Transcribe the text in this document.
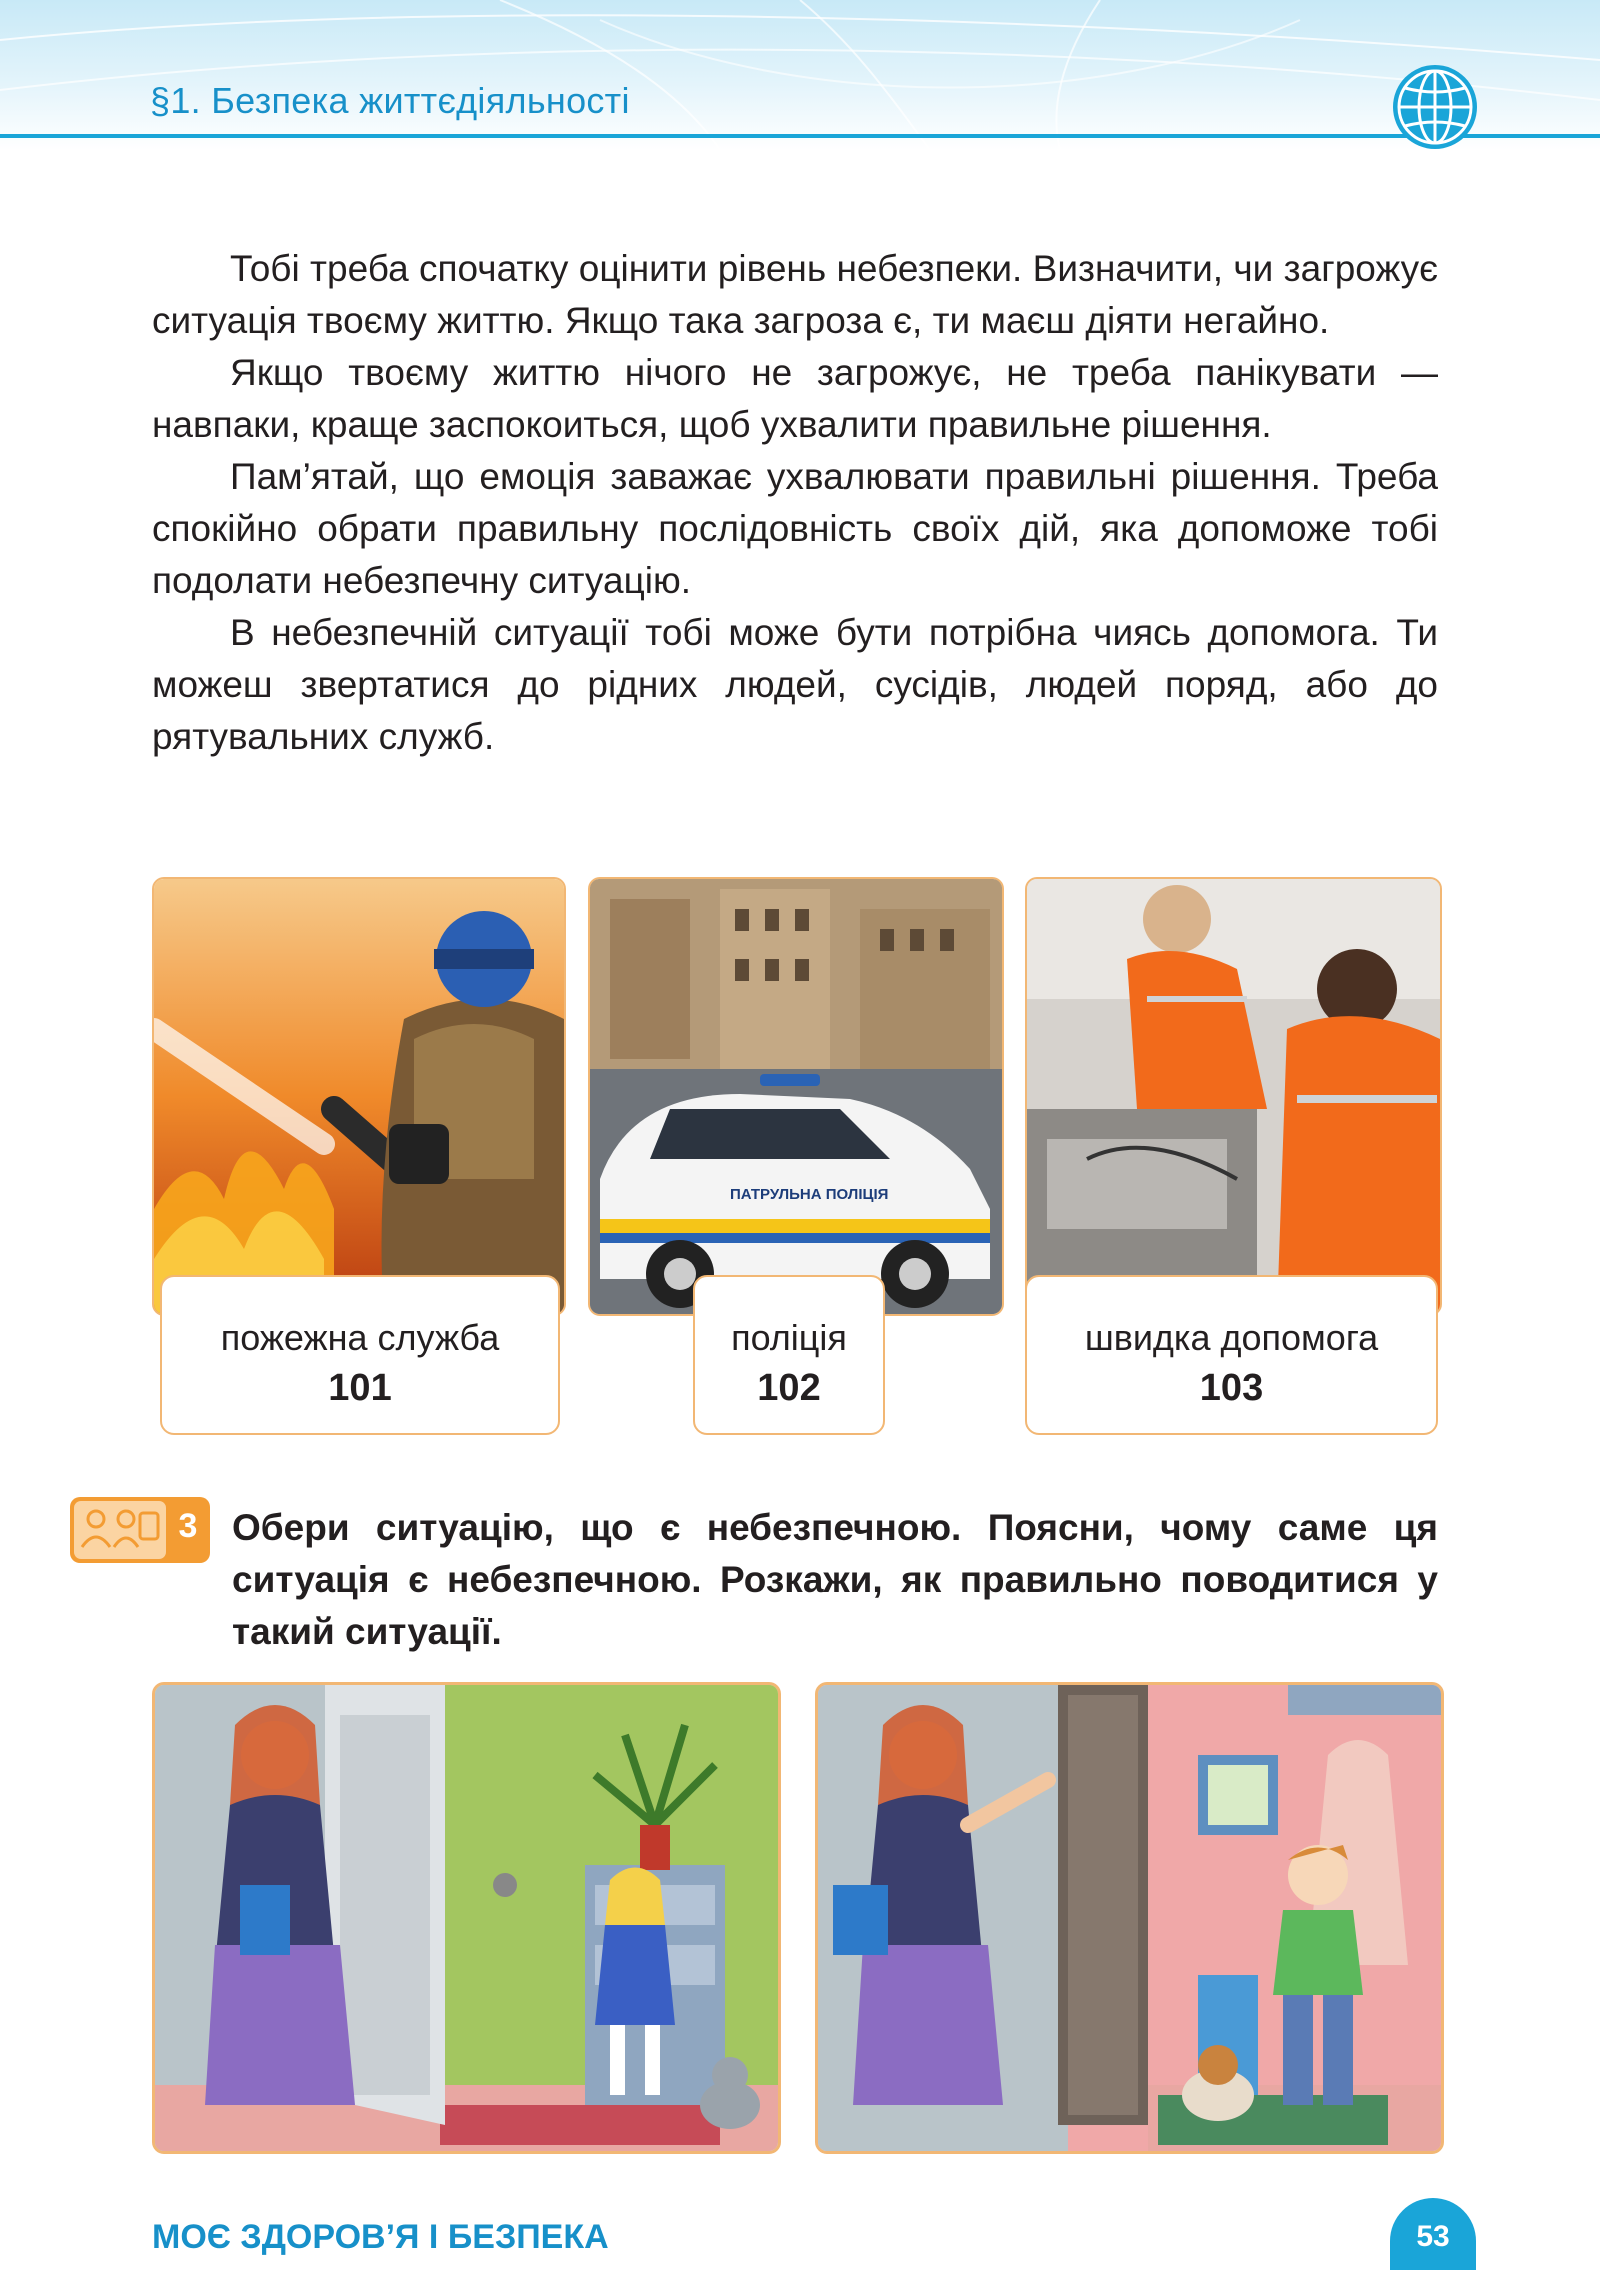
§1. Безпека життєдіяльності

Тобі треба спочатку оцінити рівень небезпеки. Визначити, чи загрожує ситуація твоєму життю. Якщо така загроза є, ти маєш діяти негайно.

Якщо твоєму життю нічого не загрожує, не треба панікувати — навпаки, краще заспокоиться, щоб ухвалити правильне рішення.

Пам’ятай, що емоція заважає ухвалювати правильні рішення. Треба спокійно обрати правильну послідовність своїх дій, яка допоможе тобі подолати небезпечну ситуацію.

В небезпечній ситуації тобі може бути потрібна чиясь допомога. Ти можеш звертатися до рідних людей, сусідів, людей поряд, або до рятувальних служб.

пожежна служба
101
ПАТРУЛЬНА ПОЛІЦІЯ
поліція
102
швидка допомога
103
3 Обери ситуацію, що є небезпечною. Поясни, чому саме ця ситуація є небезпечною. Розкажи, як правильно поводитися у такий ситуації.
МОЄ ЗДОРОВ’Я І БЕЗПЕКА	53
